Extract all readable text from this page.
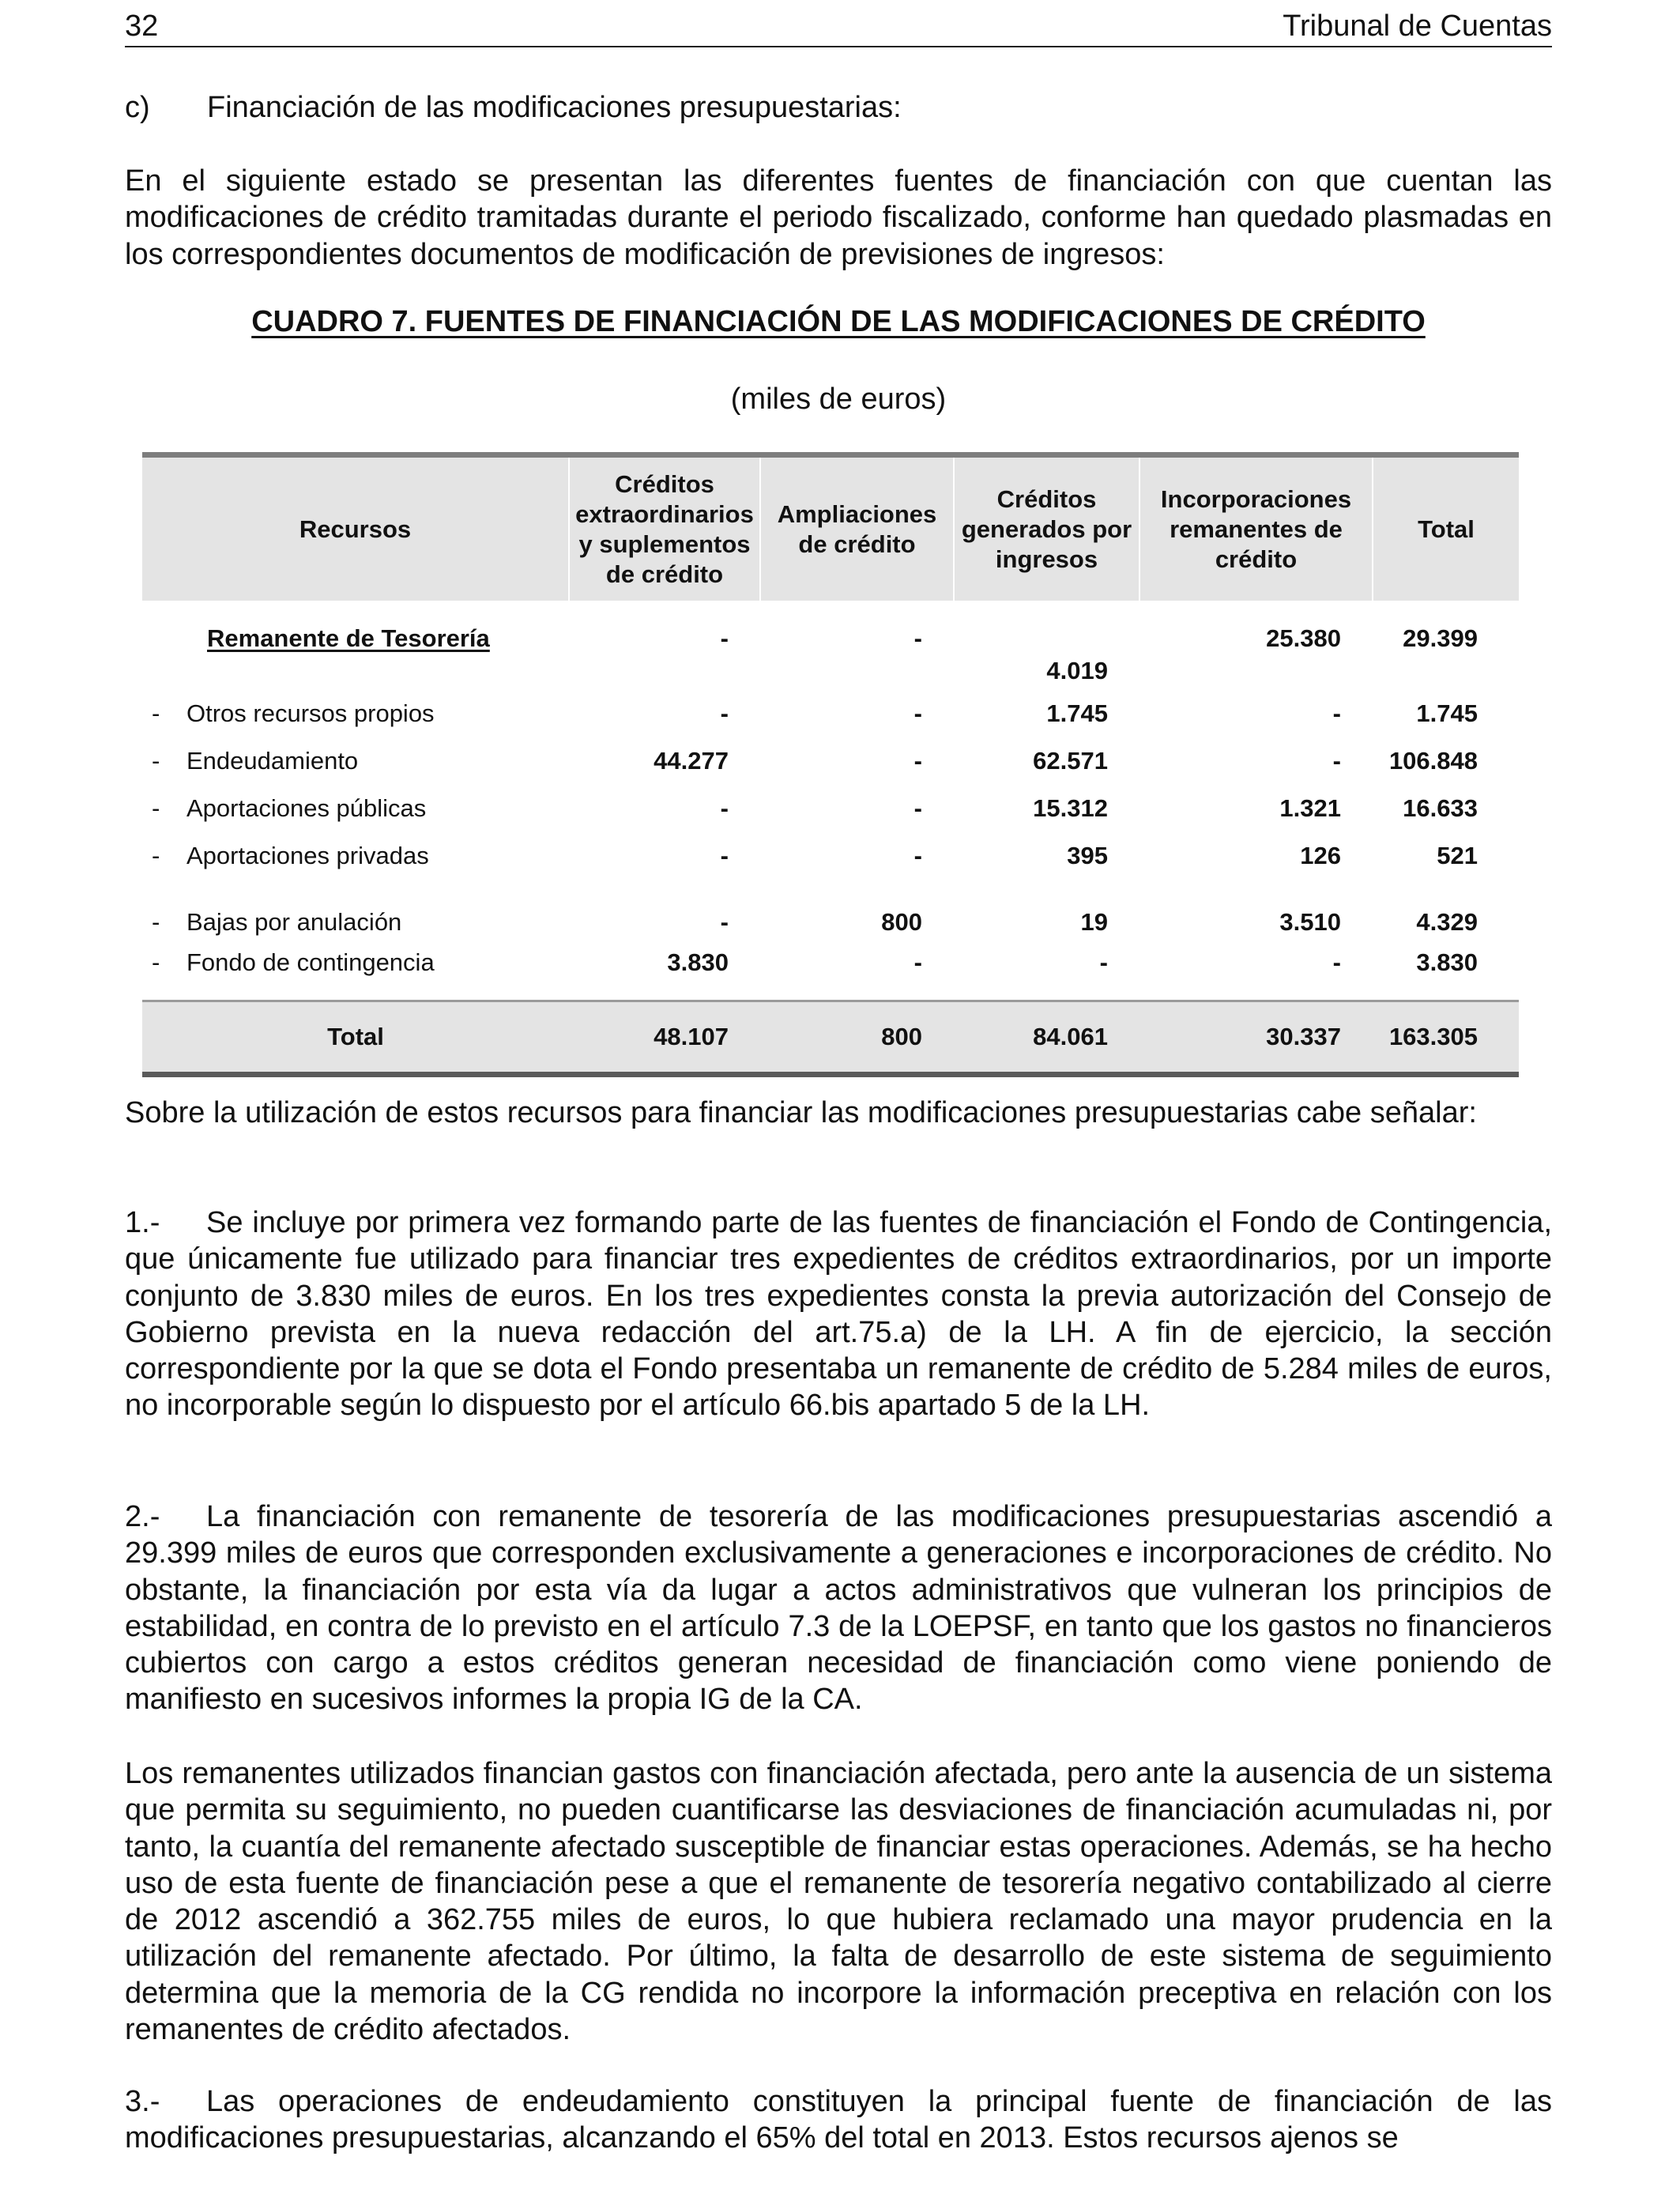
32	Tribunal de Cuentas
c) Financiación de las modificaciones presupuestarias:

En el siguiente estado se presentan las diferentes fuentes de financiación con que cuentan las modificaciones de crédito tramitadas durante el periodo fiscalizado, conforme han quedado plasmadas en los correspondientes documentos de modificación de previsiones de ingresos:

CUADRO 7. FUENTES DE FINANCIACIÓN DE LAS MODIFICACIONES DE CRÉDITO
(miles de euros)
Recursos	Créditos extraordinarios y suplementos de crédito	Ampliaciones de crédito	Créditos generados por ingresos	Incorporaciones remanentes de crédito	Total

Remanente de Tesorería	-	-	4.019	25.380	29.399
- Otros recursos propios	-	-	1.745	-	1.745
- Endeudamiento	44.277	-	62.571	-	106.848
- Aportaciones públicas	-	-	15.312	1.321	16.633
- Aportaciones privadas	-	-	395	126	521
- Bajas por anulación	-	800	19	3.510	4.329
- Fondo de contingencia	3.830	-	-	-	3.830

Total	48.107	800	84.061	30.337	163.305

Sobre la utilización de estos recursos para financiar las modificaciones presupuestarias cabe señalar:

1.- Se incluye por primera vez formando parte de las fuentes de financiación el Fondo de Contingencia, que únicamente fue utilizado para financiar tres expedientes de créditos extraordinarios, por un importe conjunto de 3.830 miles de euros. En los tres expedientes consta la previa autorización del Consejo de Gobierno prevista en la nueva redacción del art.75.a) de la LH. A fin de ejercicio, la sección correspondiente por la que se dota el Fondo presentaba un remanente de crédito de 5.284 miles de euros, no incorporable según lo dispuesto por el artículo 66.bis apartado 5 de la LH.

2.- La financiación con remanente de tesorería de las modificaciones presupuestarias ascendió a 29.399 miles de euros que corresponden exclusivamente a generaciones e incorporaciones de crédito. No obstante, la financiación por esta vía da lugar a actos administrativos que vulneran los principios de estabilidad, en contra de lo previsto en el artículo 7.3 de la LOEPSF, en tanto que los gastos no financieros cubiertos con cargo a estos créditos generan necesidad de financiación como viene poniendo de manifiesto en sucesivos informes la propia IG de la CA.

Los remanentes utilizados financian gastos con financiación afectada, pero ante la ausencia de un sistema que permita su seguimiento, no pueden cuantificarse las desviaciones de financiación acumuladas ni, por tanto, la cuantía del remanente afectado susceptible de financiar estas operaciones. Además, se ha hecho uso de esta fuente de financiación pese a que el remanente de tesorería negativo contabilizado al cierre de 2012 ascendió a 362.755 miles de euros, lo que hubiera reclamado una mayor prudencia en la utilización del remanente afectado. Por último, la falta de desarrollo de este sistema de seguimiento determina que la memoria de la CG rendida no incorpore la información preceptiva en relación con los remanentes de crédito afectados.

3.- Las operaciones de endeudamiento constituyen la principal fuente de financiación de las modificaciones presupuestarias, alcanzando el 65% del total en 2013. Estos recursos ajenos se
